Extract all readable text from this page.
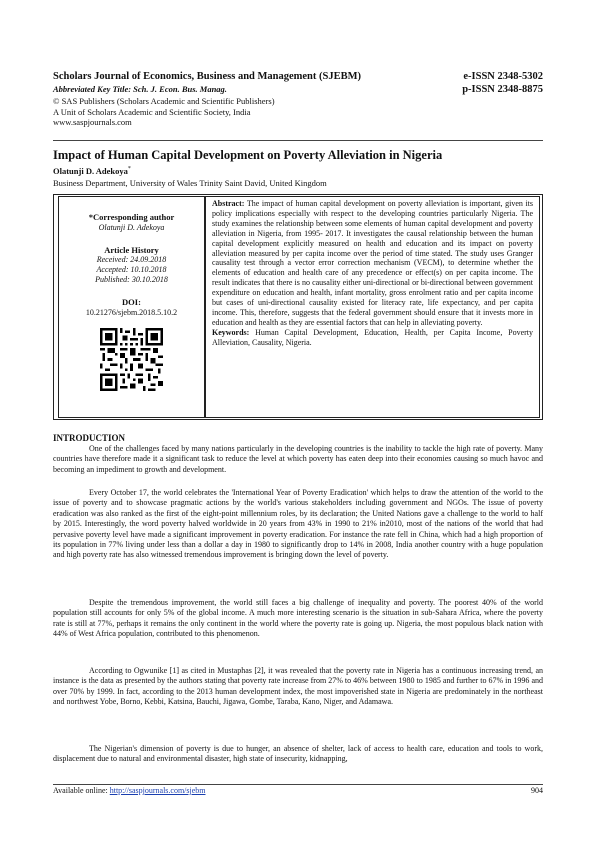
Scholars Journal of Economics, Business and Management (SJEBM)	e-ISSN 2348-5302
Abbreviated Key Title: Sch. J. Econ. Bus. Manag.	p-ISSN 2348-8875
© SAS Publishers (Scholars Academic and Scientific Publishers)
A Unit of Scholars Academic and Scientific Society, India
www.saspjournals.com
Impact of Human Capital Development on Poverty Alleviation in Nigeria
Olatunji D. Adekoya*
Business Department, University of Wales Trinity Saint David, United Kingdom
*Corresponding author
Olatunji D. Adekoya
Article History
Received: 24.09.2018
Accepted: 10.10.2018
Published: 30.10.2018
DOI:
10.21276/sjebm.2018.5.10.2

Abstract: The impact of human capital development on poverty alleviation is important, given its policy implications especially with respect to the developing countries particularly Nigeria. The study examines the relationship between some elements of human capital development and poverty alleviation in Nigeria, from 1995- 2017. It investigates the causal relationship between the human capital development explicitly measured on health and education and its impact on poverty alleviation measured by per capita income over the period of time stated. The study uses Granger causality test through a vector error correction mechanism (VECM), to determine whether the elements of education and health care of any precedence or effect(s) on per capita income. The result indicates that there is no causality either uni-directional or bi-directional between government expenditure on education and health, infant mortality, gross enrolment ratio and per capita income but cases of uni-directional causality existed for literacy rate, life expectancy, and per capita income. This, therefore, suggests that the federal government should ensure that it invests more in education and health as they are essential factors that can help in alleviating poverty.

Keywords: Human Capital Development, Education, Health, per Capita Income, Poverty Alleviation, Causality, Nigeria.

INTRODUCTION

One of the challenges faced by many nations particularly in the developing countries is the inability to tackle the high rate of poverty. Many countries have therefore made it a significant task to reduce the level at which poverty has eaten deep into their economies causing so much havoc and becoming an impediment to growth and development.

Every October 17, the world celebrates the 'International Year of Poverty Eradication' which helps to draw the attention of the world to the issue of poverty and to showcase pragmatic actions by the world's various stakeholders including government and NGOs. The issue of poverty eradication was also ranked as the first of the eight-point millennium roles, by its declaration; the United Nations gave a challenge to the world to half by 2015. Interestingly, the word poverty halved worldwide in 20 years from 43% in 1990 to 21% in2010, most of the nations of the world that had pervasive poverty level have made a significant improvement in poverty eradication. For instance the rate fell in China, which had a high proportion of its population in 77% living under less than a dollar a day in 1980 to significantly drop to 14% in 2008, India another country with a huge population and high poverty rate has also witnessed tremendous improvement is bringing down the level of poverty.

Despite the tremendous improvement, the world still faces a big challenge of inequality and poverty. The poorest 40% of the world population still accounts for only 5% of the global income. A much more interesting scenario is the situation in sub-Sahara Africa, where the poverty rate is still at 77%, perhaps it remains the only continent in the world where the poverty rate is going up. Nigeria, the most populous black nation with 44% of West Africa population, contributed to this phenomenon.

According to Ogwunike [1] as cited in Mustaphas [2], it was revealed that the poverty rate in Nigeria has a continuous increasing trend, an instance is the data as presented by the authors stating that poverty rate increase from 27% to 46% between 1980 to 1985 and further to 67% in 1996 and over 70% by 1999. In fact, according to the 2013 human development index, the most impoverished state in Nigeria are predominately in the northeast and northwest Yobe, Borno, Kebbi, Katsina, Bauchi, Jigawa, Gombe, Taraba, Kano, Niger, and Adamawa.

The Nigerian's dimension of poverty is due to hunger, an absence of shelter, lack of access to health care, education and tools to work, displacement due to natural and environmental disaster, high state of insecurity, kidnapping,

Available online: http://saspjournals.com/sjebm	904
